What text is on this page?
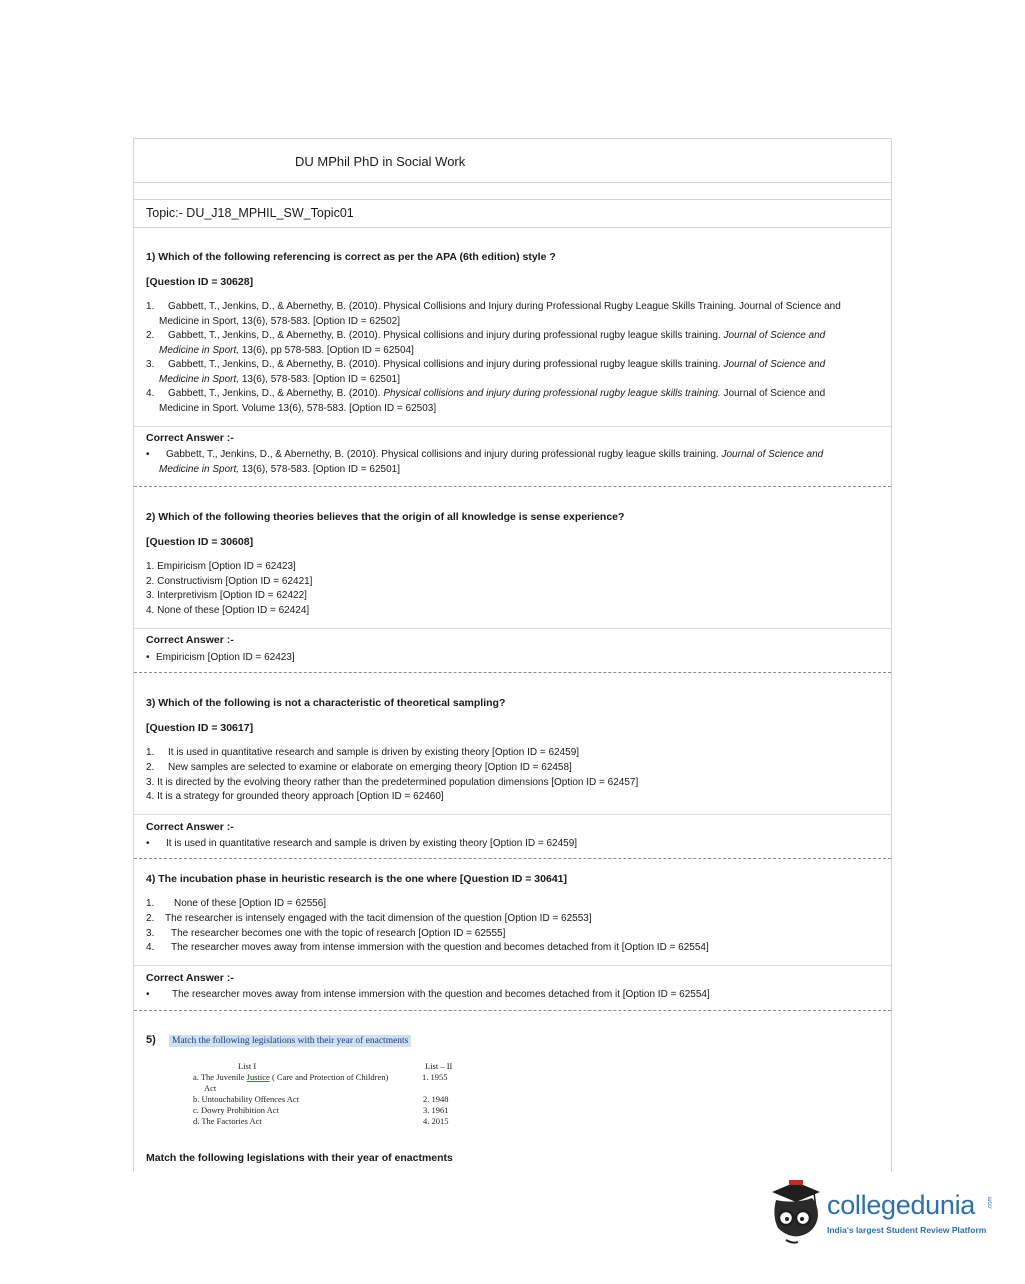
DU MPhil PhD in Social Work
Topic:- DU_J18_MPHIL_SW_Topic01
1) Which of the following referencing is correct as per the APA (6th edition) style ?
[Question ID = 30628]
1. Gabbett, T., Jenkins, D., & Abernethy, B. (2010). Physical Collisions and Injury during Professional Rugby League Skills Training. Journal of Science and
Medicine in Sport, 13(6), 578-583. [Option ID = 62502]
2. Gabbett, T., Jenkins, D., & Abernethy, B. (2010). Physical collisions and injury during professional rugby league skills training. Journal of Science and
Medicine in Sport, 13(6), pp 578-583. [Option ID = 62504]
3. Gabbett, T., Jenkins, D., & Abernethy, B. (2010). Physical collisions and injury during professional rugby league skills training. Journal of Science and
Medicine in Sport, 13(6), 578-583. [Option ID = 62501]
4. Gabbett, T., Jenkins, D., & Abernethy, B. (2010). Physical collisions and injury during professional rugby league skills training. Journal of Science and
Medicine in Sport. Volume 13(6), 578-583. [Option ID = 62503]
Correct Answer :-
• Gabbett, T., Jenkins, D., & Abernethy, B. (2010). Physical collisions and injury during professional rugby league skills training. Journal of Science and
Medicine in Sport, 13(6), 578-583. [Option ID = 62501]
2) Which of the following theories believes that the origin of all knowledge is sense experience?
[Question ID = 30608]
1. Empiricism [Option ID = 62423]
2. Constructivism [Option ID = 62421]
3. Interpretivism [Option ID = 62422]
4. None of these [Option ID = 62424]
Correct Answer :-
• Empiricism [Option ID = 62423]
3) Which of the following is not a characteristic of theoretical sampling?
[Question ID = 30617]
1. It is used in quantitative research and sample is driven by existing theory [Option ID = 62459]
2. New samples are selected to examine or elaborate on emerging theory [Option ID = 62458]
3. It is directed by the evolving theory rather than the predetermined population dimensions [Option ID = 62457]
4. It is a strategy for grounded theory approach [Option ID = 62460]
Correct Answer :-
• It is used in quantitative research and sample is driven by existing theory [Option ID = 62459]
4) The incubation phase in heuristic research is the one where [Question ID = 30641]
1. None of these [Option ID = 62556]
2. The researcher is intensely engaged with the tacit dimension of the question [Option ID = 62553]
3. The researcher becomes one with the topic of research [Option ID = 62555]
4. The researcher moves away from intense immersion with the question and becomes detached from it [Option ID = 62554]
Correct Answer :-
• The researcher moves away from intense immersion with the question and becomes detached from it [Option ID = 62554]
5)	Match the following legislations with their year of enactments
List I	List – II
a. The Juvenile Justice ( Care and Protection of Children)
Act
b. Untouchability Offences Act
c. Dowry Prohibition Act
d. The Factories Act
1. 1955
2. 1948
3. 1961
4. 2015
Match the following legislations with their year of enactments
collegedunia .com
India's largest Student Review Platform
